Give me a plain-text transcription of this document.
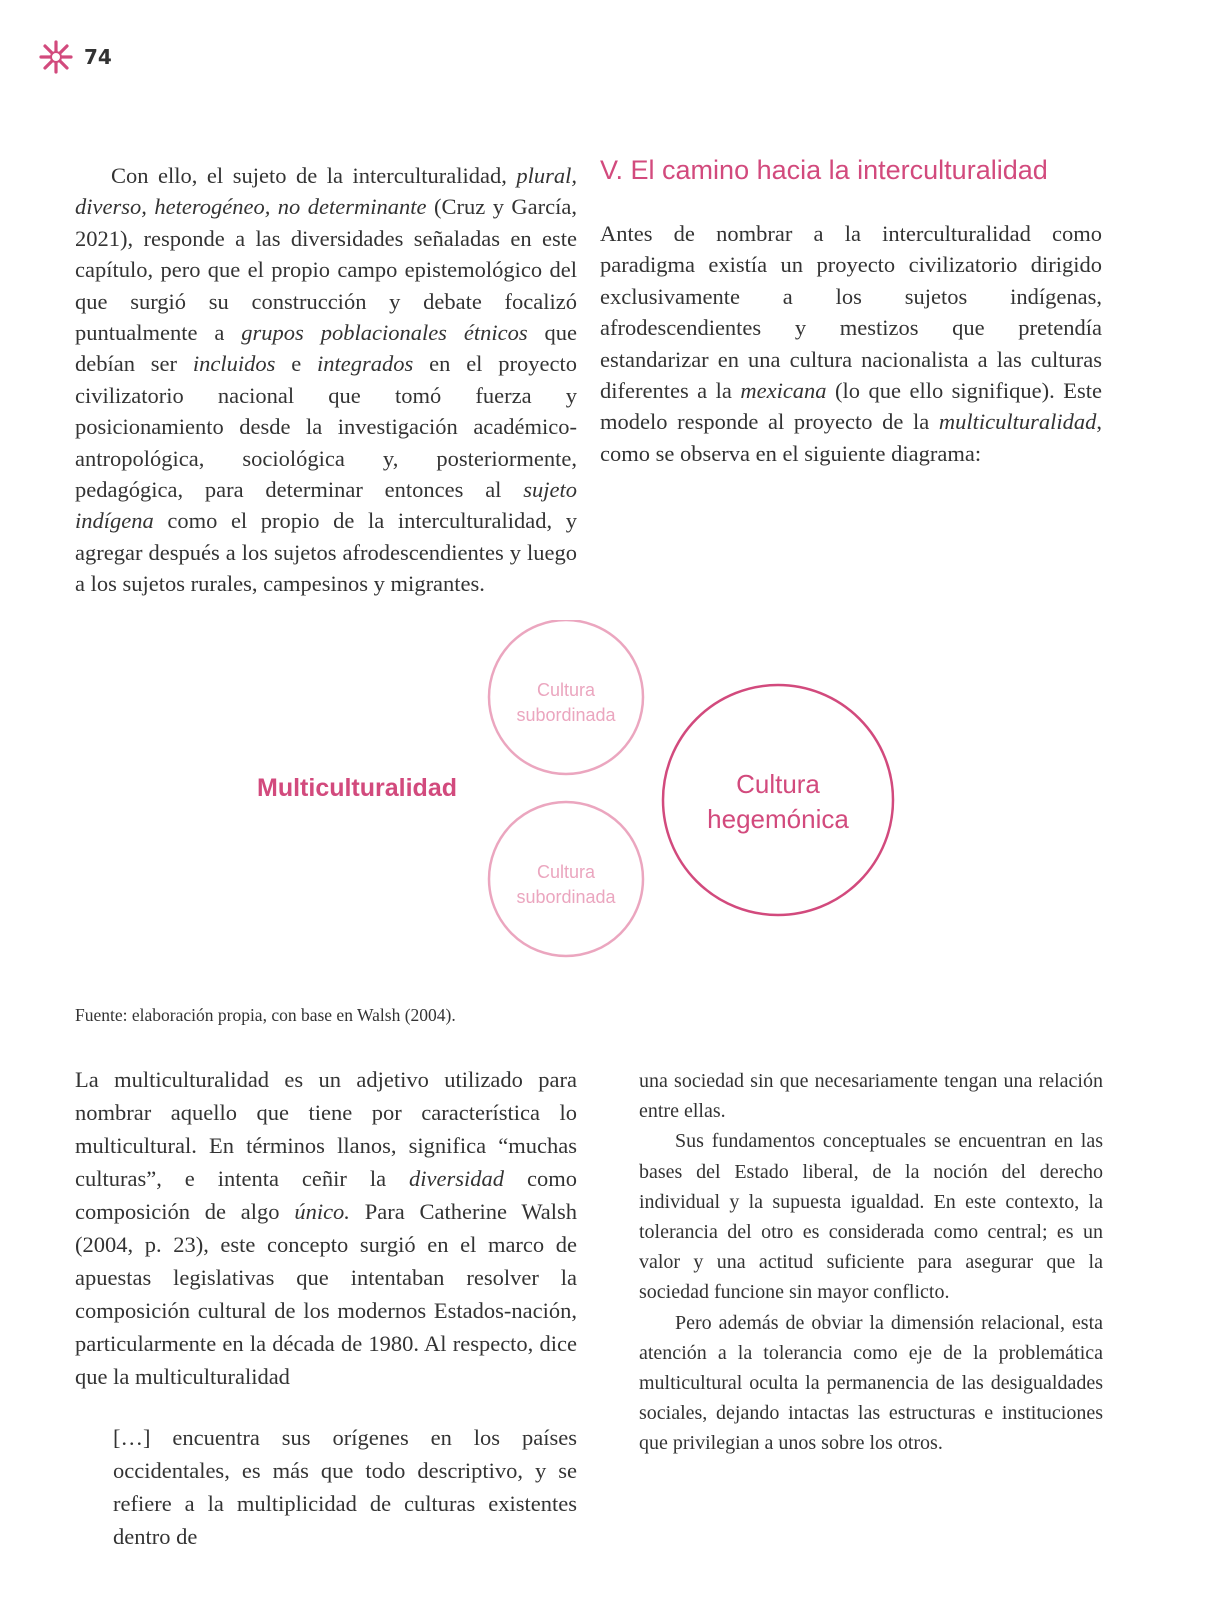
74

Con ello, el sujeto de la interculturalidad, plural, diverso, heterogéneo, no determinante (Cruz y García, 2021), responde a las diversidades señaladas en este capítulo, pero que el propio campo epistemológico del que surgió su construcción y debate focalizó puntualmente a grupos poblacionales étnicos que debían ser incluidos e integrados en el proyecto civilizatorio nacional que tomó fuerza y posicionamiento desde la investigación académico-antropológica, sociológica y, posteriormente, pedagógica, para determinar entonces al sujeto indígena como el propio de la interculturalidad, y agregar después a los sujetos afrodescendientes y luego a los sujetos rurales, campesinos y migrantes.

V. El camino hacia la interculturalidad

Antes de nombrar a la interculturalidad como paradigma existía un proyecto civilizatorio dirigido exclusivamente a los sujetos indígenas, afrodescendientes y mestizos que pretendía estandarizar en una cultura nacionalista a las culturas diferentes a la mexicana (lo que ello signifique). Este modelo responde al proyecto de la multiculturalidad, como se observa en el siguiente diagrama:

Multiculturalidad
Cultura
subordinada
Cultura
subordinada
Cultura
hegemónica
Fuente: elaboración propia, con base en Walsh (2004).

La multiculturalidad es un adjetivo utilizado para nombrar aquello que tiene por característica lo multicultural. En términos llanos, significa “muchas culturas”, e intenta ceñir la diversidad como composición de algo único. Para Catherine Walsh (2004, p. 23), este concepto surgió en el marco de apuestas legislativas que intentaban resolver la composición cultural de los modernos Estados-nación, particularmente en la década de 1980. Al respecto, dice que la multiculturalidad

[…] encuentra sus orígenes en los países occidentales, es más que todo descriptivo, y se refiere a la multiplicidad de culturas existentes dentro de

una sociedad sin que necesariamente tengan una relación entre ellas.

Sus fundamentos conceptuales se encuentran en las bases del Estado liberal, de la noción del derecho individual y la supuesta igualdad. En este contexto, la tolerancia del otro es considerada como central; es un valor y una actitud suficiente para asegurar que la sociedad funcione sin mayor conflicto.

Pero además de obviar la dimensión relacional, esta atención a la tolerancia como eje de la problemática multicultural oculta la permanencia de las desigualdades sociales, dejando intactas las estructuras e instituciones que privilegian a unos sobre los otros.
